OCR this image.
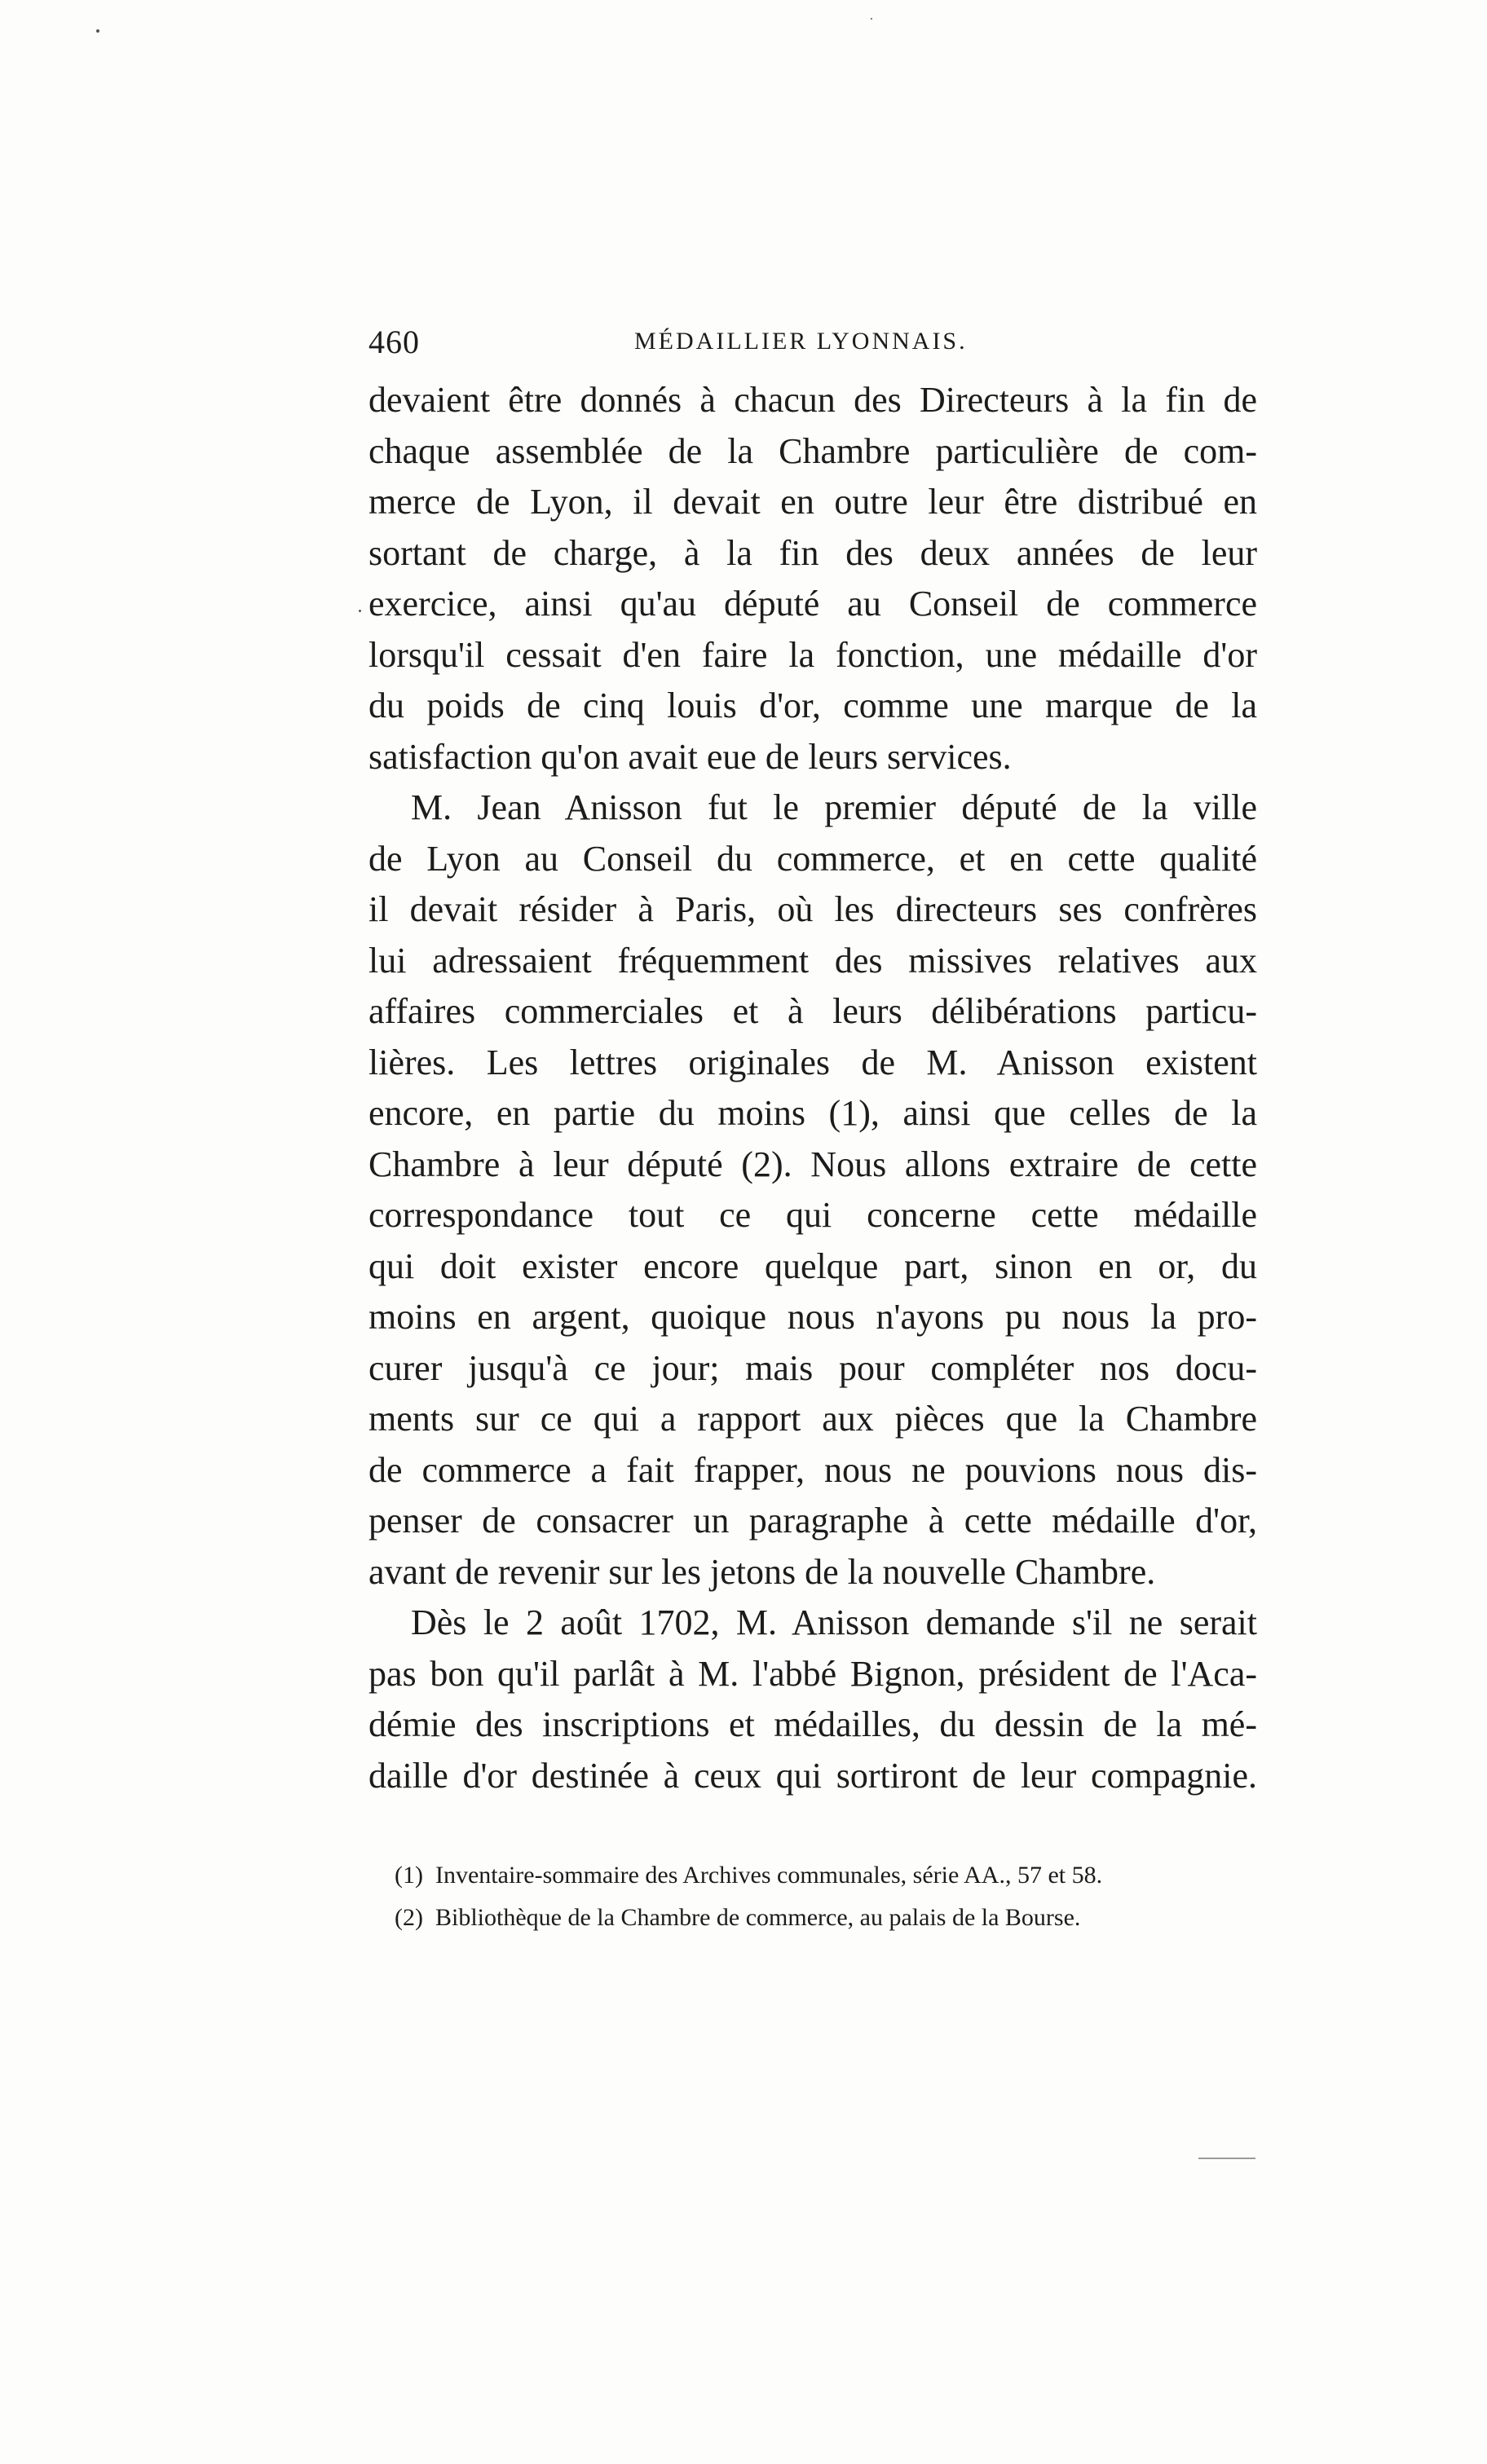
460	MÉDAILLIER LYONNAIS.
devaient être donnés à chacun des Directeurs à la fin de
chaque assemblée de la Chambre particulière de com-
merce de Lyon, il devait en outre leur être distribué en
sortant de charge, à la fin des deux années de leur
exercice, ainsi qu'au député au Conseil de commerce
lorsqu'il cessait d'en faire la fonction, une médaille d'or
du poids de cinq louis d'or, comme une marque de la
satisfaction qu'on avait eue de leurs services.
M. Jean Anisson fut le premier député de la ville
de Lyon au Conseil du commerce, et en cette qualité
il devait résider à Paris, où les directeurs ses confrères
lui adressaient fréquemment des missives relatives aux
affaires commerciales et à leurs délibérations particu-
lières. Les lettres originales de M. Anisson existent
encore, en partie du moins (1), ainsi que celles de la
Chambre à leur député (2). Nous allons extraire de cette
correspondance tout ce qui concerne cette médaille
qui doit exister encore quelque part, sinon en or, du
moins en argent, quoique nous n'ayons pu nous la pro-
curer jusqu'à ce jour; mais pour compléter nos docu-
ments sur ce qui a rapport aux pièces que la Chambre
de commerce a fait frapper, nous ne pouvions nous dis-
penser de consacrer un paragraphe à cette médaille d'or,
avant de revenir sur les jetons de la nouvelle Chambre.
Dès le 2 août 1702, M. Anisson demande s'il ne serait
pas bon qu'il parlât à M. l'abbé Bignon, président de l'Aca-
démie des inscriptions et médailles, du dessin de la mé-
daille d'or destinée à ceux qui sortiront de leur compagnie.
(1) Inventaire-sommaire des Archives communales, série AA., 57 et 58.
(2) Bibliothèque de la Chambre de commerce, au palais de la Bourse.
